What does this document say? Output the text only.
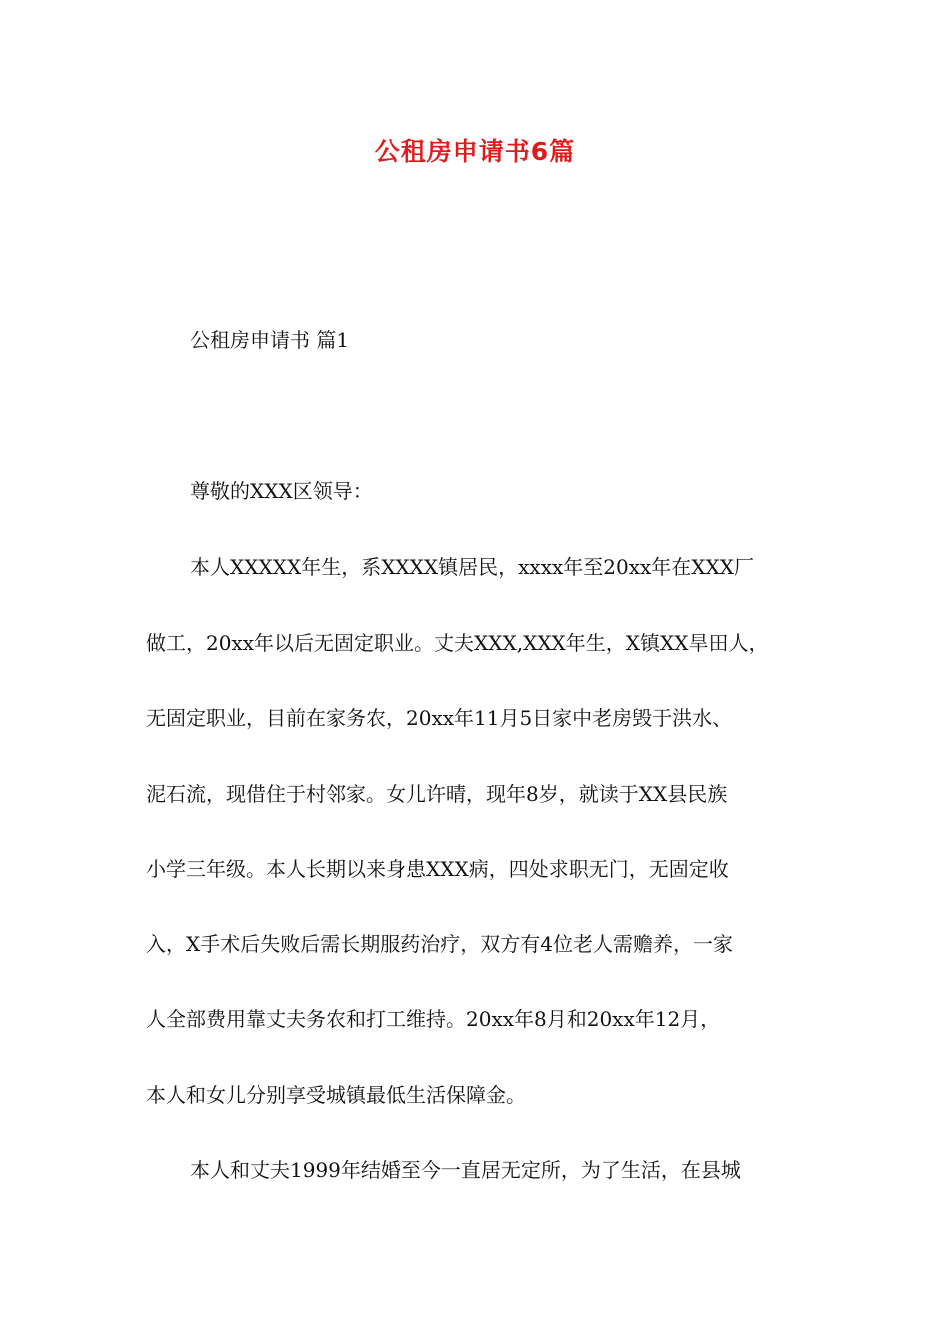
公租房申请书6篇
公租房申请书 篇1
尊敬的XXX区领导：
本人XXXXX年生，系XXXX镇居民，xxxx年至20xx年在XXX厂
做工，20xx年以后无固定职业。丈夫XXX,XXX年生，X镇XX旱田人，
无固定职业，目前在家务农，20xx年11月5日家中老房毁于洪水、
泥石流，现借住于村邻家。女儿许晴，现年8岁，就读于XX县民族
小学三年级。本人长期以来身患XXX病，四处求职无门，无固定收
入，X手术后失败后需长期服药治疗，双方有4位老人需赡养，一家
人全部费用靠丈夫务农和打工维持。20xx年8月和20xx年12月，
本人和女儿分别享受城镇最低生活保障金。
本人和丈夫1999年结婚至今一直居无定所，为了生活，在县城
